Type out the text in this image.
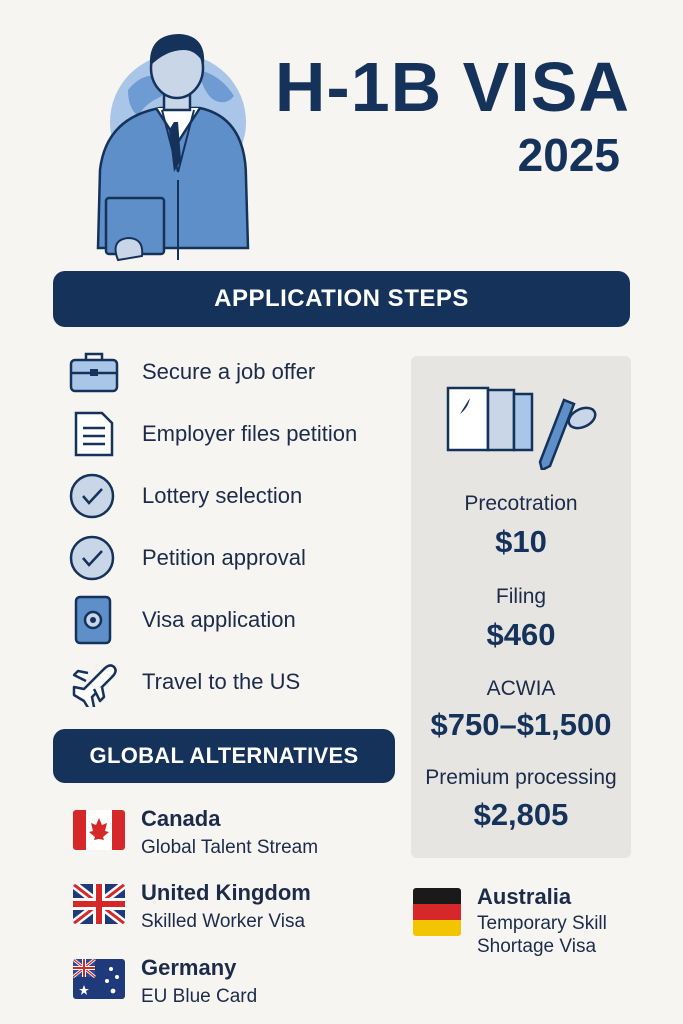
H-1B VISA
2025
APPLICATION STEPS
Secure a job offer
Employer files petition
Lottery selection
Petition approval
Visa application
Travel to the US
Precotration
$10
Filing
$460
ACWIA
$750–$1,500
Premium processing
$2,805
GLOBAL ALTERNATIVES
Canada
Global Talent Stream
United Kingdom
Skilled Worker Visa
Germany
EU Blue Card
Australia
Temporary Skill Shortage Visa
